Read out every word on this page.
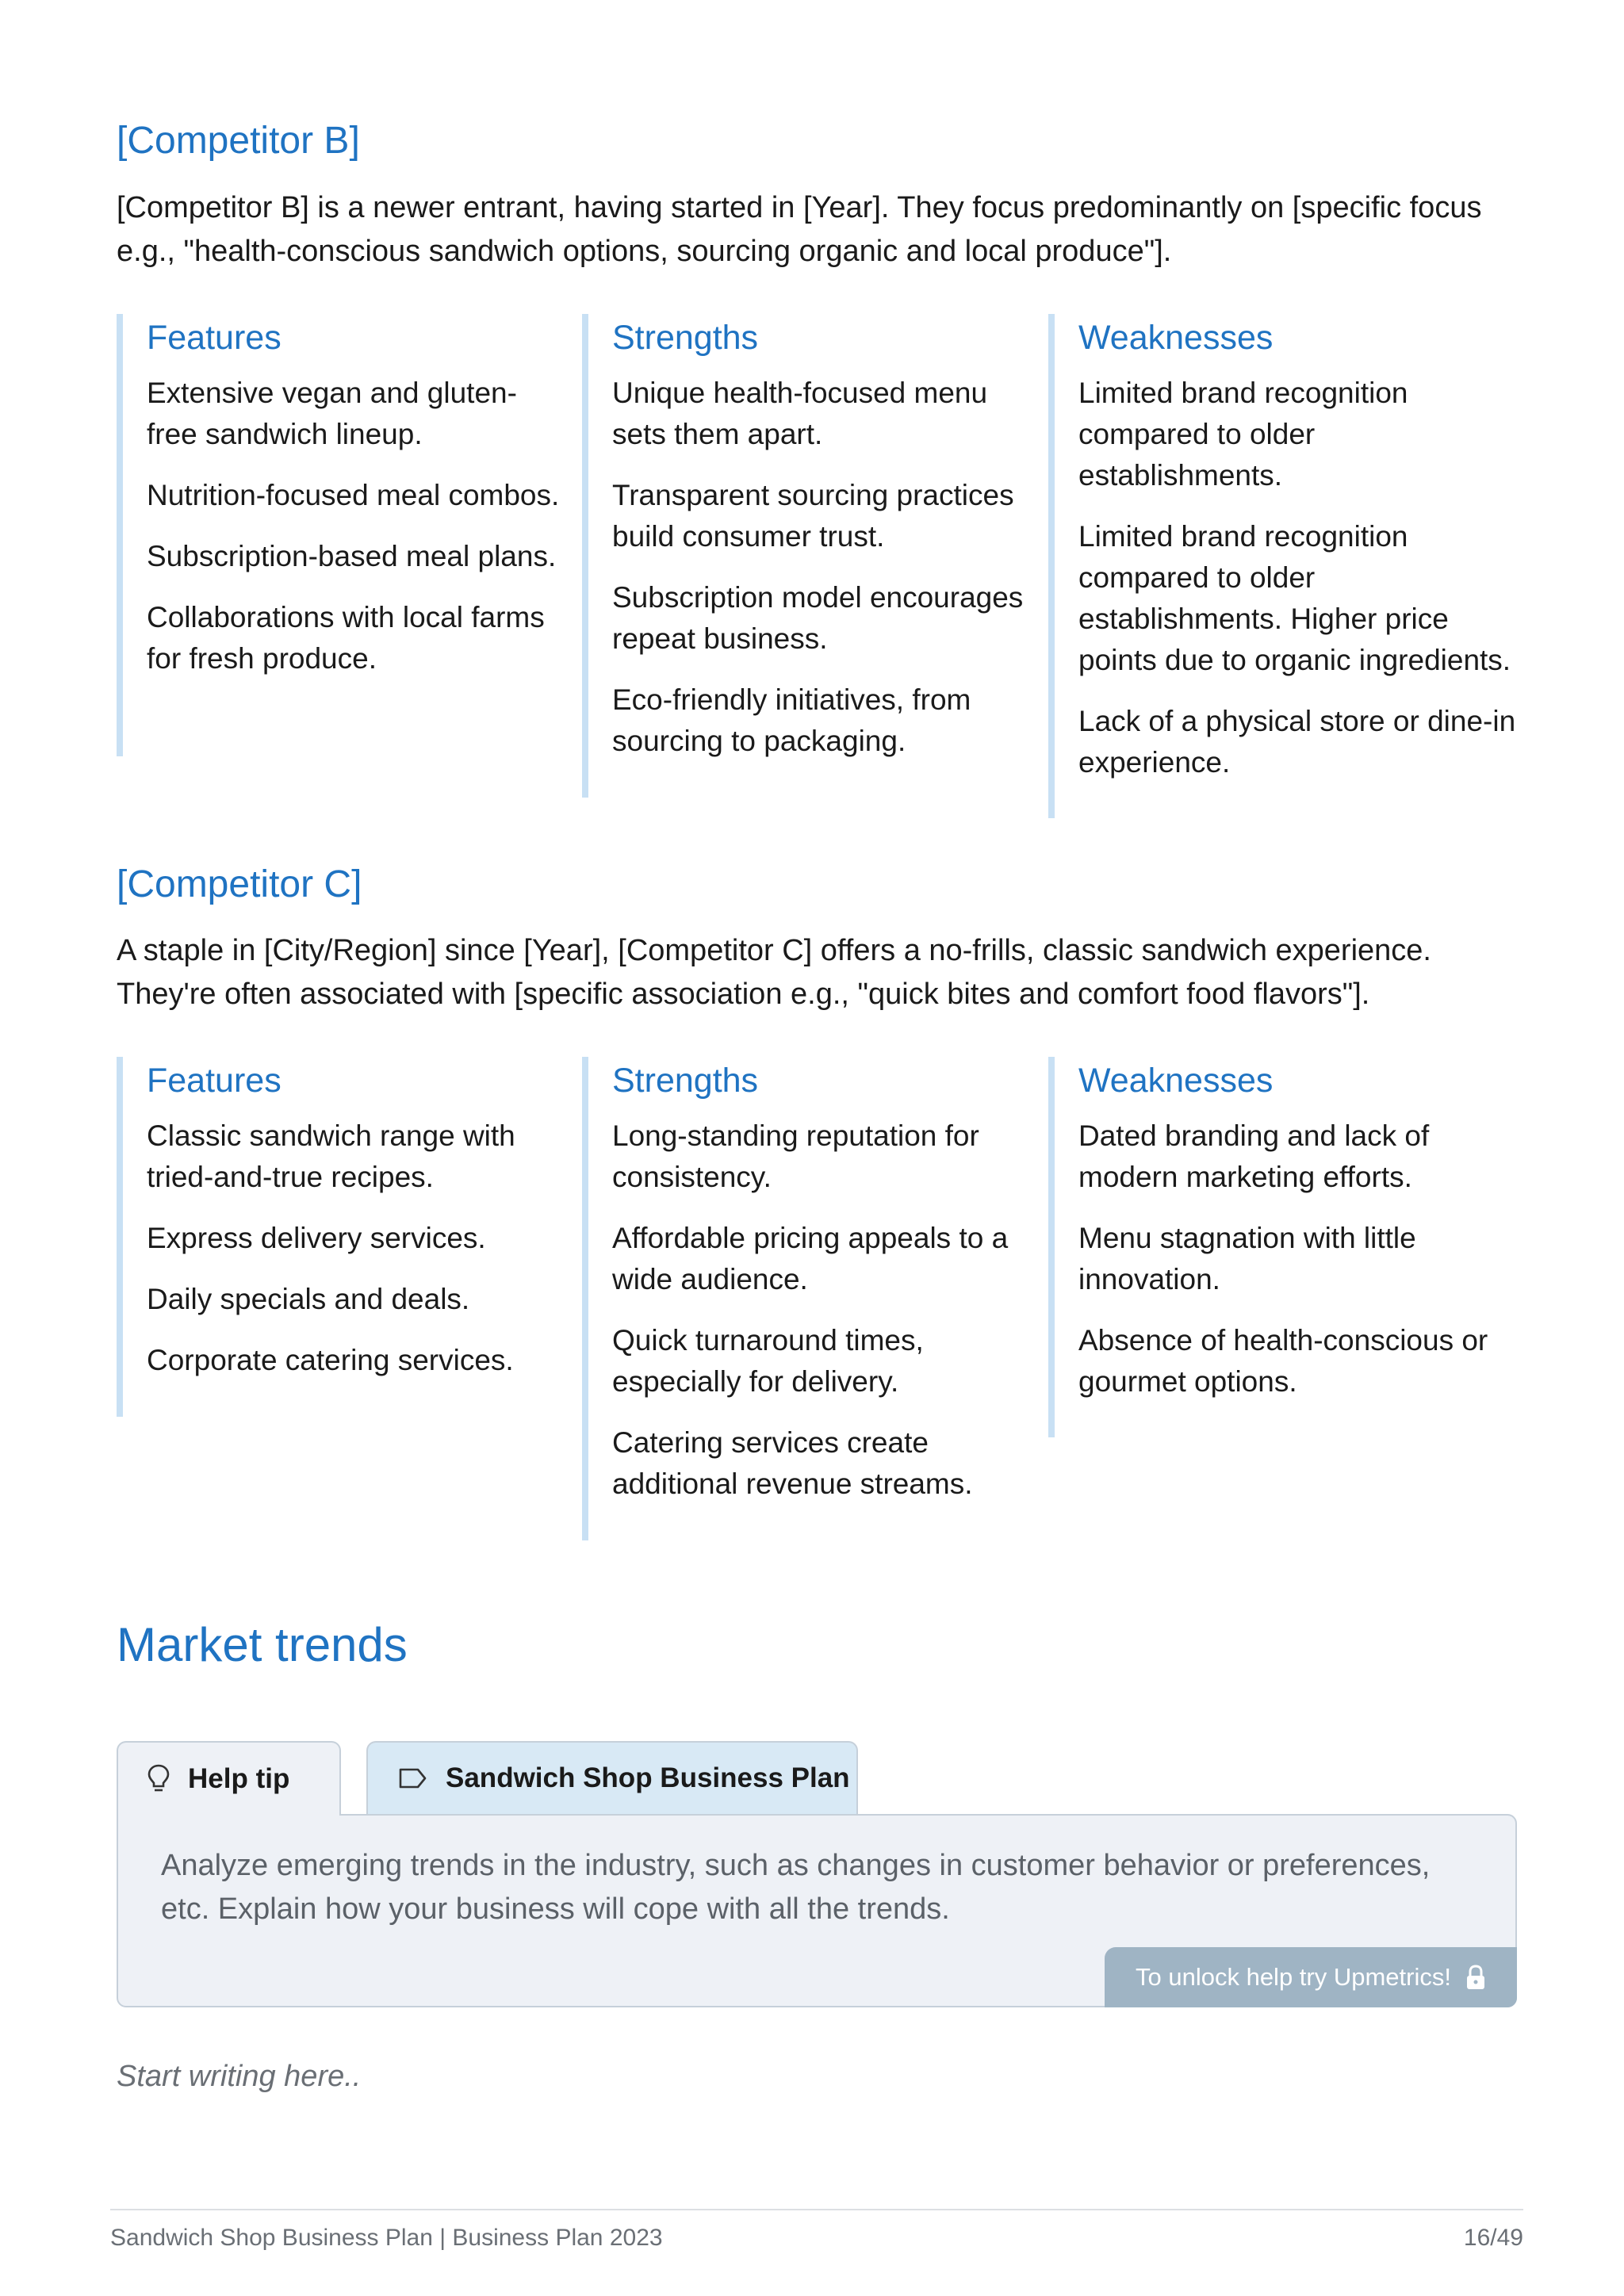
[Competitor B]

[Competitor B] is a newer entrant, having started in [Year]. They focus predominantly on [specific focus e.g., "health-conscious sandwich options, sourcing organic and local produce"].

Features

Extensive vegan and gluten-free sandwich lineup.

Nutrition-focused meal combos.

Subscription-based meal plans.

Collaborations with local farms for fresh produce.

Strengths

Unique health-focused menu sets them apart.

Transparent sourcing practices build consumer trust.

Subscription model encourages repeat business.

Eco-friendly initiatives, from sourcing to packaging.

Weaknesses

Limited brand recognition compared to older establishments.

Limited brand recognition compared to older establishments. Higher price points due to organic ingredients.

Lack of a physical store or dine-in experience.

[Competitor C]

A staple in [City/Region] since [Year], [Competitor C] offers a no-frills, classic sandwich experience. They're often associated with [specific association e.g., "quick bites and comfort food flavors"].

Features

Classic sandwich range with tried-and-true recipes.

Express delivery services.

Daily specials and deals.

Corporate catering services.

Strengths

Long-standing reputation for consistency.

Affordable pricing appeals to a wide audience.

Quick turnaround times, especially for delivery.

Catering services create additional revenue streams.

Weaknesses

Dated branding and lack of modern marketing efforts.

Menu stagnation with little innovation.

Absence of health-conscious or gourmet options.

Market trends
Help tip	Sandwich Shop Business Plan

Analyze emerging trends in the industry, such as changes in customer behavior or preferences, etc. Explain how your business will cope with all the trends.

To unlock help try Upmetrics!

Start writing here..

Sandwich Shop Business Plan | Business Plan 2023	16/49
